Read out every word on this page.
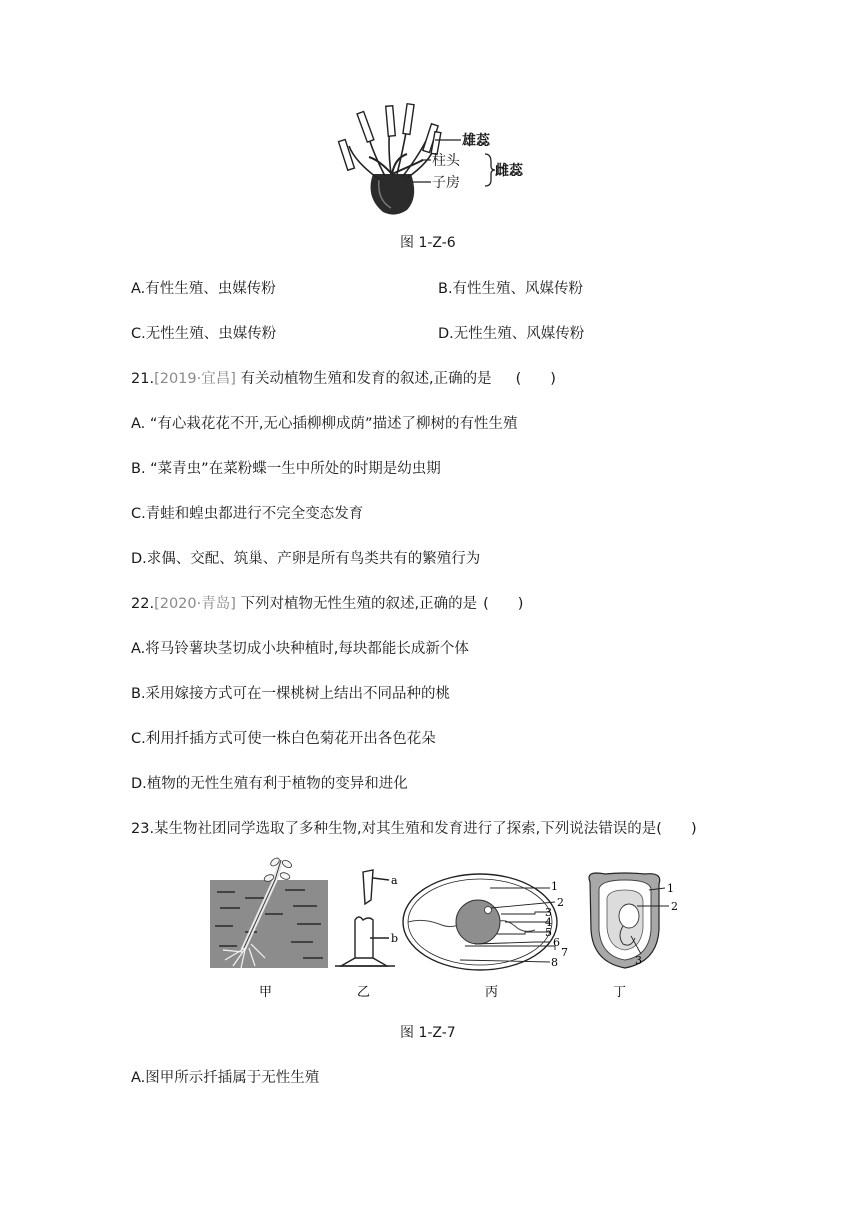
雄蕊
柱头
子房
雌蕊
图 1-Z-6
A.有性生殖、虫媒传粉	B.有性生殖、风媒传粉
C.无性生殖、虫媒传粉	D.无性生殖、风媒传粉
21.[2019·宜昌] 有关动植物生殖和发育的叙述,正确的是 (　　)
A. “有心栽花花不开,无心插柳柳成荫”描述了柳树的有性生殖
B. “菜青虫”在菜粉蝶一生中所处的时期是幼虫期
C.青蛙和蝗虫都进行不完全变态发育
D.求偶、交配、筑巢、产卵是所有鸟类共有的繁殖行为
22.[2020·青岛] 下列对植物无性生殖的叙述,正确的是 (　　)
A.将马铃薯块茎切成小块种植时,每块都能长成新个体
B.采用嫁接方式可在一棵桃树上结出不同品种的桃
C.利用扦插方式可使一株白色菊花开出各色花朵
D.植物的无性生殖有利于植物的变异和进化
23.某生物社团同学选取了多种生物,对其生殖和发育进行了探索,下列说法错误的是(　　)
a
b
1
2
3
4
5
6
7
8
1
2
3
甲	乙	丙	丁
图 1-Z-7
A.图甲所示扦插属于无性生殖
